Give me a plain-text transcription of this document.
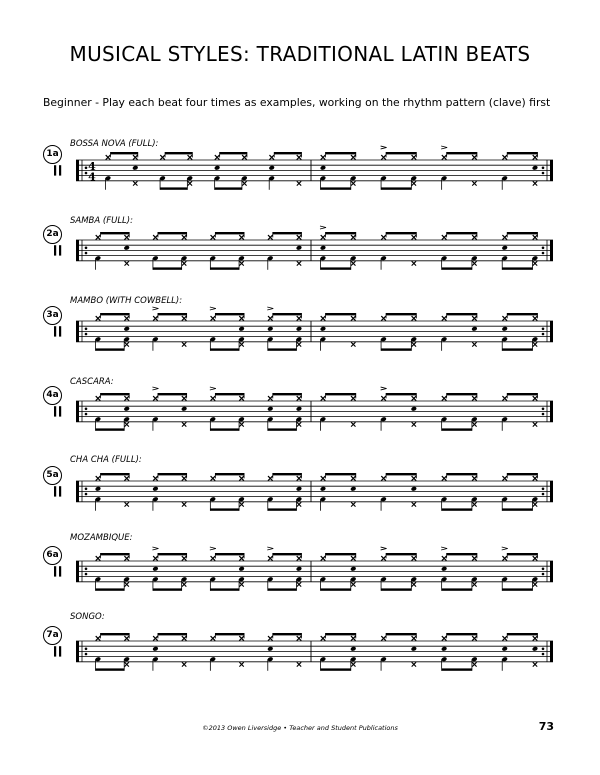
MUSICAL STYLES: TRADITIONAL LATIN BEATS
Beginner - Play each beat four times as examples, working on the rhythm pattern (clave) first
BOSSA NOVA (FULL):
1a
4
4
SAMBA (FULL):
2a
MAMBO (WITH COWBELL):
3a
CASCARA:
4a
CHA CHA (FULL):
5a
MOZAMBIQUE:
6a
SONGO:
7a
©2013 Owen Liversidge • Teacher and Student Publications	73
